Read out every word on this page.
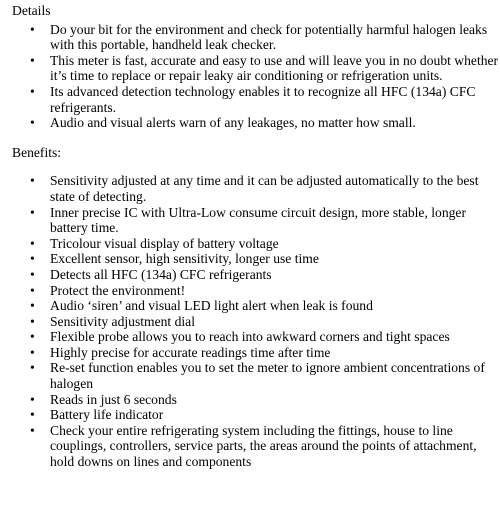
Details

• Do your bit for the environment and check for potentially harmful halogen leaks with this portable, handheld leak checker.
• This meter is fast, accurate and easy to use and will leave you in no doubt whether it’s time to replace or repair leaky air conditioning or refrigeration units.
• Its advanced detection technology enables it to recognize all HFC (134a) CFC refrigerants.
• Audio and visual alerts warn of any leakages, no matter how small.

Benefits:

• Sensitivity adjusted at any time and it can be adjusted automatically to the best state of detecting.
• Inner precise IC with Ultra-Low consume circuit design, more stable, longer battery time.
• Tricolour visual display of battery voltage
• Excellent sensor, high sensitivity, longer use time
• Detects all HFC (134a) CFC refrigerants
• Protect the environment!
• Audio ‘siren’ and visual LED light alert when leak is found
• Sensitivity adjustment dial
• Flexible probe allows you to reach into awkward corners and tight spaces
• Highly precise for accurate readings time after time
• Re-set function enables you to set the meter to ignore ambient concentrations of halogen
• Reads in just 6 seconds
• Battery life indicator
• Check your entire refrigerating system including the fittings, house to line couplings, controllers, service parts, the areas around the points of attachment, hold downs on lines and components
